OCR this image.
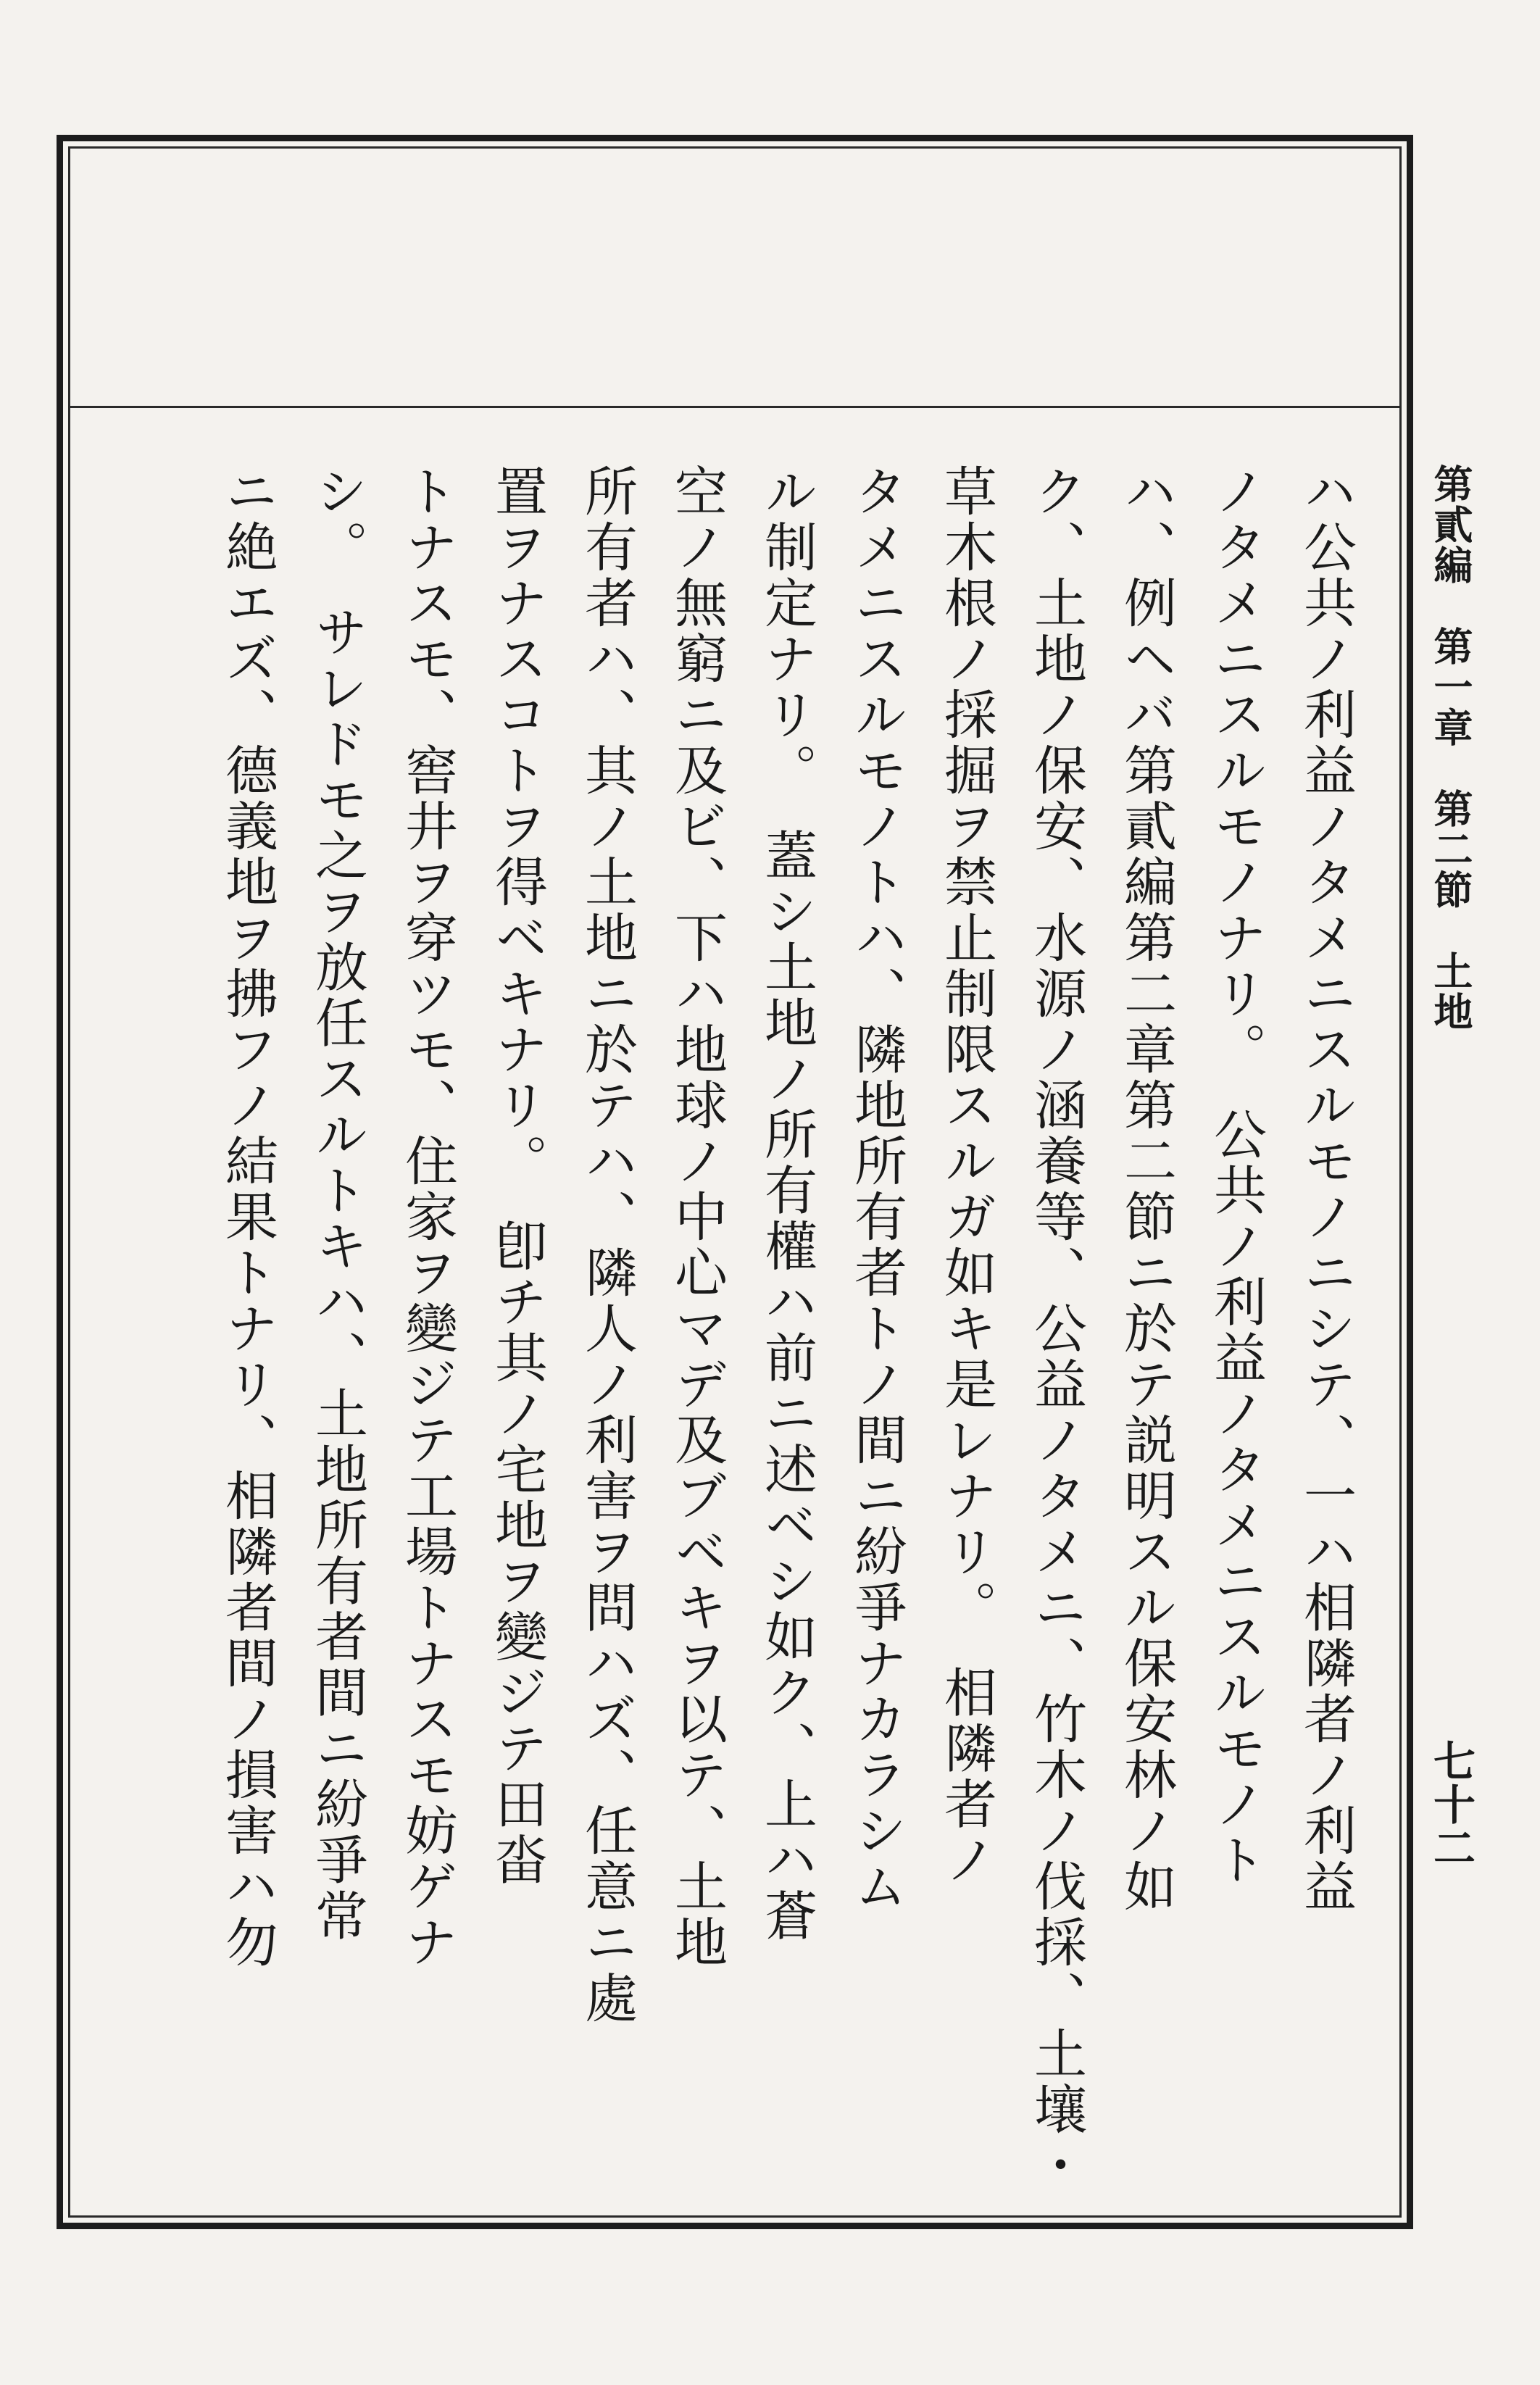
ハ公共ノ利益ノタメニスルモノニシテ、一ハ相隣者ノ利益
ノタメニスルモノナリ。　公共ノ利益ノタメニスルモノト
ハ、例ヘバ第貳編第二章第二節ニ於テ説明スル保安林ノ如
ク、土地ノ保安、水源ノ涵養等、公益ノタメニ、竹木ノ伐採、土壤・
草木根ノ採掘ヲ禁止制限スルガ如キ是レナリ。　相隣者ノ
タメニスルモノトハ、隣地所有者トノ間ニ紛爭ナカラシム
ル制定ナリ。　蓋シ土地ノ所有權ハ前ニ述ベシ如ク、上ハ蒼
空ノ無窮ニ及ビ、下ハ地球ノ中心マデ及ブベキヲ以テ、土地
所有者ハ、其ノ土地ニ於テハ、隣人ノ利害ヲ問ハズ、任意ニ處
置ヲナスコトヲ得ベキナリ。　卽チ其ノ宅地ヲ變ジテ田畓
トナスモ、窖井ヲ穿ツモ、住家ヲ變ジテ工場トナスモ妨ゲナ
シ。　サレドモ之ヲ放任スルトキハ、土地所有者間ニ紛爭常
ニ絶エズ、德義地ヲ拂フノ結果トナリ、相隣者間ノ損害ハ勿	第貳編　第一章　第二節　土地
七十二
